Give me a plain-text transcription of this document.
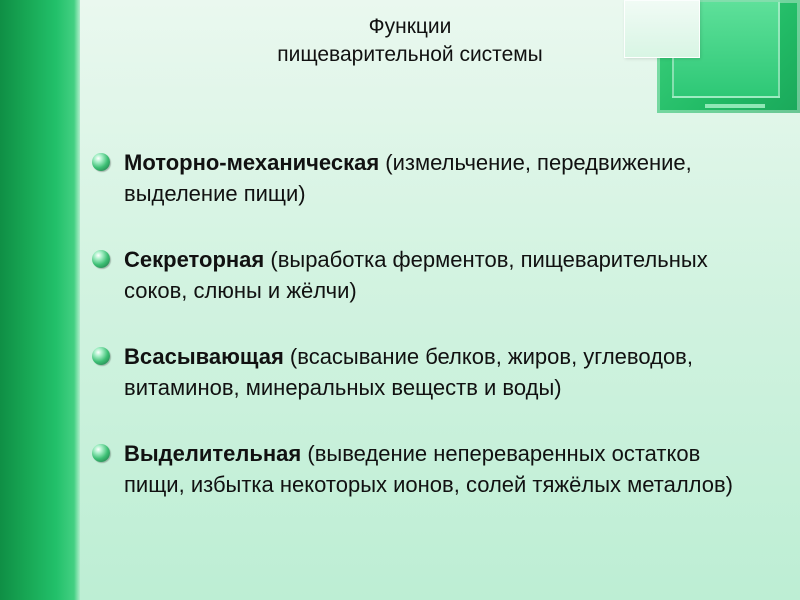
Функции
пищеварительной системы
Моторно-механическая (измельчение, передвижение, выделение пищи)
Секреторная (выработка ферментов, пищеварительных соков, слюны и жёлчи)
Всасывающая (всасывание белков, жиров, углеводов, витаминов, минеральных веществ и воды)
Выделительная (выведение непереваренных остатков пищи, избытка некоторых ионов, солей тяжёлых металлов)
